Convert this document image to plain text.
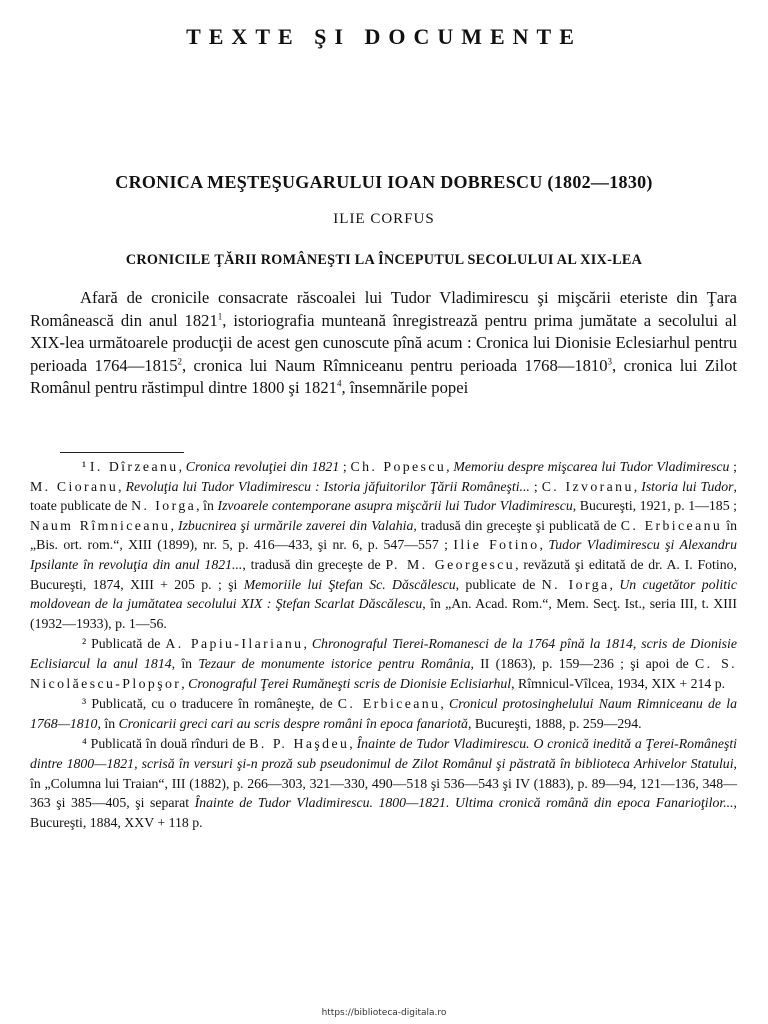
TEXTE ŞI DOCUMENTE
CRONICA MEŞTEŞUGARULUI IOAN DOBRESCU (1802—1830)
ILIE CORFUS
CRONICILE ŢĂRII ROMÂNEŞTI LA ÎNCEPUTUL SECOLULUI AL XIX-LEA

Afară de cronicile consacrate răscoalei lui Tudor Vladimirescu şi mişcării eteriste din Ţara Românească din anul 1821$^1$, istoriografia munteană înregistrează pentru prima jumătate a secolului al XIX-lea următoarele producţii de acest gen cunoscute pînă acum : Cronica lui Dionisie Eclesiarhul pentru perioada 1764—1815$^2$, cronica lui Naum Rîmniceanu pentru perioada 1768—1810$^3$, cronica lui Zilot Românul pentru răstimpul dintre 1800 şi 1821$^4$, însemnările popei

¹ I. Dîrzeanu, Cronica revoluţiei din 1821 ; Ch. Popescu, Memoriu despre mişcarea lui Tudor Vladimirescu ; M. Cioranu, Revoluţia lui Tudor Vladimirescu : Istoria jăfuitorilor Ţării Româneşti... ; C. Izvoranu, Istoria lui Tudor, toate publicate de N. Iorga, în Izvoarele contemporane asupra mişcării lui Tudor Vladimirescu, Bucureşti, 1921, p. 1—185 ; Naum Rîmniceanu, Izbucnirea şi urmările zaverei din Valahia, tradusă din greceşte şi publicată de C. Erbiceanu în „Bis. ort. rom.“, XIII (1899), nr. 5, p. 416—433, şi nr. 6, p. 547—557 ; Ilie Fotino, Tudor Vladimirescu şi Alexandru Ipsilante în revoluţia din anul 1821..., tradusă din greceşte de P. M. Georgescu, revăzută şi editată de dr. A. I. Fotino, Bucureşti, 1874, XIII + 205 p. ; şi Memoriile lui Ştefan Sc. Dăscălescu, publicate de N. Iorga, Un cugetător politic moldovean de la jumătatea secolului XIX : Ştefan Scarlat Dăscălescu, în „An. Acad. Rom.“, Mem. Secţ. Ist., seria III, t. XIII (1932—1933), p. 1—56.

² Publicată de A. Papiu-Ilarianu, Chronograful Tierei-Romanesci de la 1764 pînă la 1814, scris de Dionisie Eclisiarcul la anul 1814, în Tezaur de monumente istorice pentru România, II (1863), p. 159—236 ; şi apoi de C. S. Nicolăescu-Plopşor, Cronograful Ţerei Rumăneşti scris de Dionisie Eclisiarhul, Rîmnicul-Vîlcea, 1934, XIX + 214 p.

³ Publicată, cu o traducere în româneşte, de C. Erbiceanu, Cronicul protosinghelului Naum Rimniceanu de la 1768—1810, în Cronicarii greci cari au scris despre români în epoca fanariotă, Bucureşti, 1888, p. 259—294.

⁴ Publicată în două rînduri de B. P. Haşdeu, Înainte de Tudor Vladimirescu. O cronică inedită a Ţerei-Româneşti dintre 1800—1821, scrisă în versuri şi-n proză sub pseudonimul de Zilot Românul şi păstrată în biblioteca Arhivelor Statului, în „Columna lui Traian“, III (1882), p. 266—303, 321—330, 490—518 şi 536—543 şi IV (1883), p. 89—94, 121—136, 348—363 şi 385—405, şi separat Înainte de Tudor Vladimirescu. 1800—1821. Ultima cronică română din epoca Fanarioţilor..., Bucureşti, 1884, XXV + 118 p.

https://biblioteca-digitala.ro
